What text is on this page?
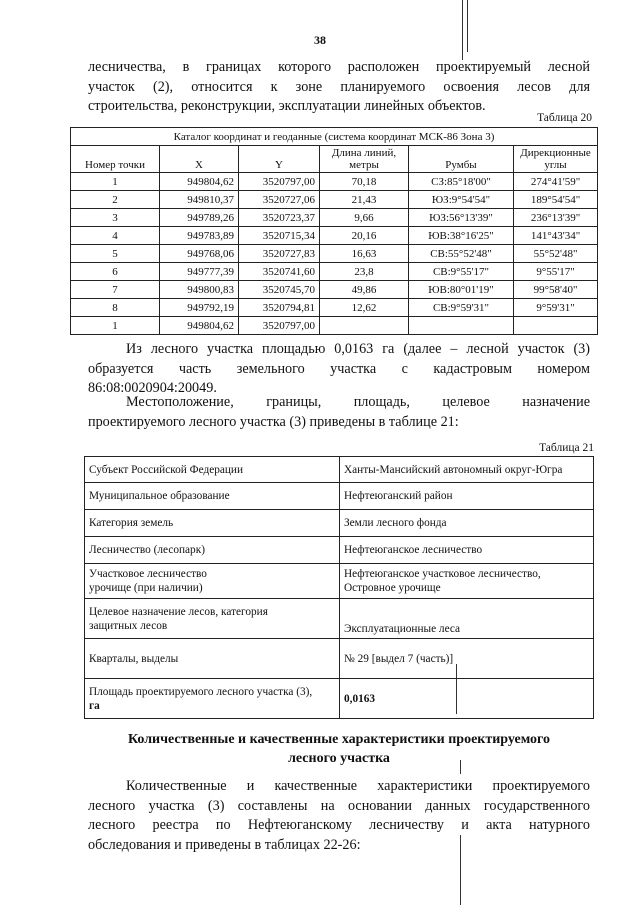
38
лесничества, в границах которого расположен проектируемый лесной
участок (2), относится к зоне планируемого освоения лесов для
строительства, реконструкции, эксплуатации линейных объектов.
Таблица 20
Каталог координат и геоданные (система координат МСК-86 Зона 3)					
Номер точки	X	Y	Длина линий, метры	Румбы	Дирекционные углы
1	949804,62	3520797,00	70,18	СЗ:85°18'00"	274°41'59"
2	949810,37	3520727,06	21,43	ЮЗ:9°54'54"	189°54'54"
3	949789,26	3520723,37	9,66	ЮЗ:56°13'39"	236°13'39"
4	949783,89	3520715,34	20,16	ЮВ:38°16'25"	141°43'34"
5	949768,06	3520727,83	16,63	СВ:55°52'48"	55°52'48"
6	949777,39	3520741,60	23,8	СВ:9°55'17"	9°55'17"
7	949800,83	3520745,70	49,86	ЮВ:80°01'19"	99°58'40"
8	949792,19	3520794,81	12,62	СВ:9°59'31"	9°59'31"
1	949804,62	3520797,00			
Из лесного участка площадью 0,0163 га (далее – лесной участок (3)
образуется часть земельного участка с кадастровым номером
86:08:0020904:20049.
Местоположение, границы, площадь, целевое назначение
проектируемого лесного участка (3) приведены в таблице 21:
Таблица 21
Субъект Российской Федерации	Ханты-Мансийский автономный округ-Югра
Муниципальное образование	Нефтеюганский район
Категория земель	Земли лесного фонда
Лесничество (лесопарк)	Нефтеюганское лесничество
Участковое лесничество
урочище (при наличии)	Нефтеюганское участковое лесничество,
Островное урочище
Целевое назначение лесов, категория
защитных лесов	Эксплуатационные леса
Кварталы, выделы	№ 29 [выдел 7 (часть)]
Площадь проектируемого лесного участка (3),
га	0,0163
Количественные и качественные характеристики проектируемого
лесного участка
Количественные и качественные характеристики проектируемого
лесного участка (3) составлены на основании данных государственного
лесного реестра по Нефтеюганскому лесничеству и акта натурного
обследования и приведены в таблицах 22-26:
